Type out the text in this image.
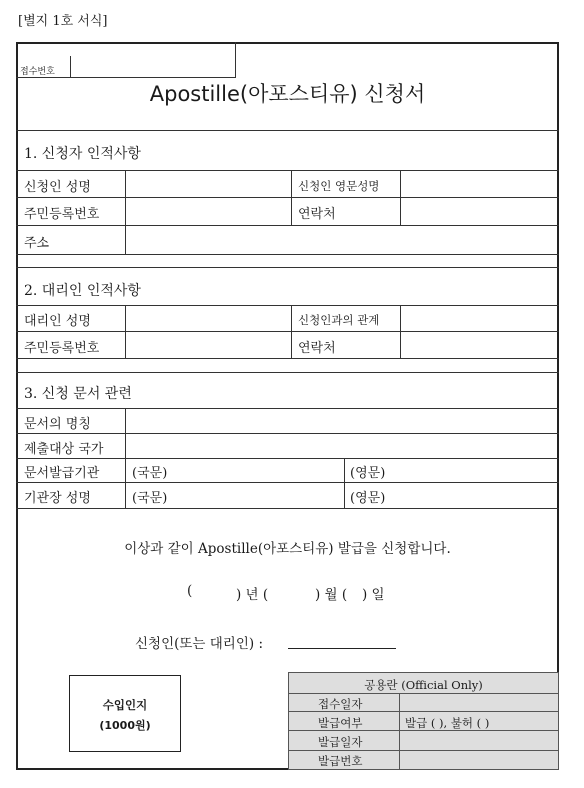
[별지 1호 서식]
접수번호
Apostille(아포스티유) 신청서
1. 신청자 인적사항
신청인 성명	신청인 영문성명
주민등록번호	연락처
주소
2. 대리인 인적사항
대리인 성명	신청인과의 관계
주민등록번호	연락처
3. 신청 문서 관련
문서의 명칭
제출대상 국가
문서발급기관	(국문)	(영문)
기관장 성명	(국문)	(영문)
이상과 같이 Apostille(아포스티유) 발급을 신청합니다.
(	) 년 (	) 월 ( ) 일
신청인(또는 대리인) :
수입인지
(1000원)
공용란 (Official Only)
접수일자
발급여부	발급 ( ), 불허 ( )
발급일자
발급번호
